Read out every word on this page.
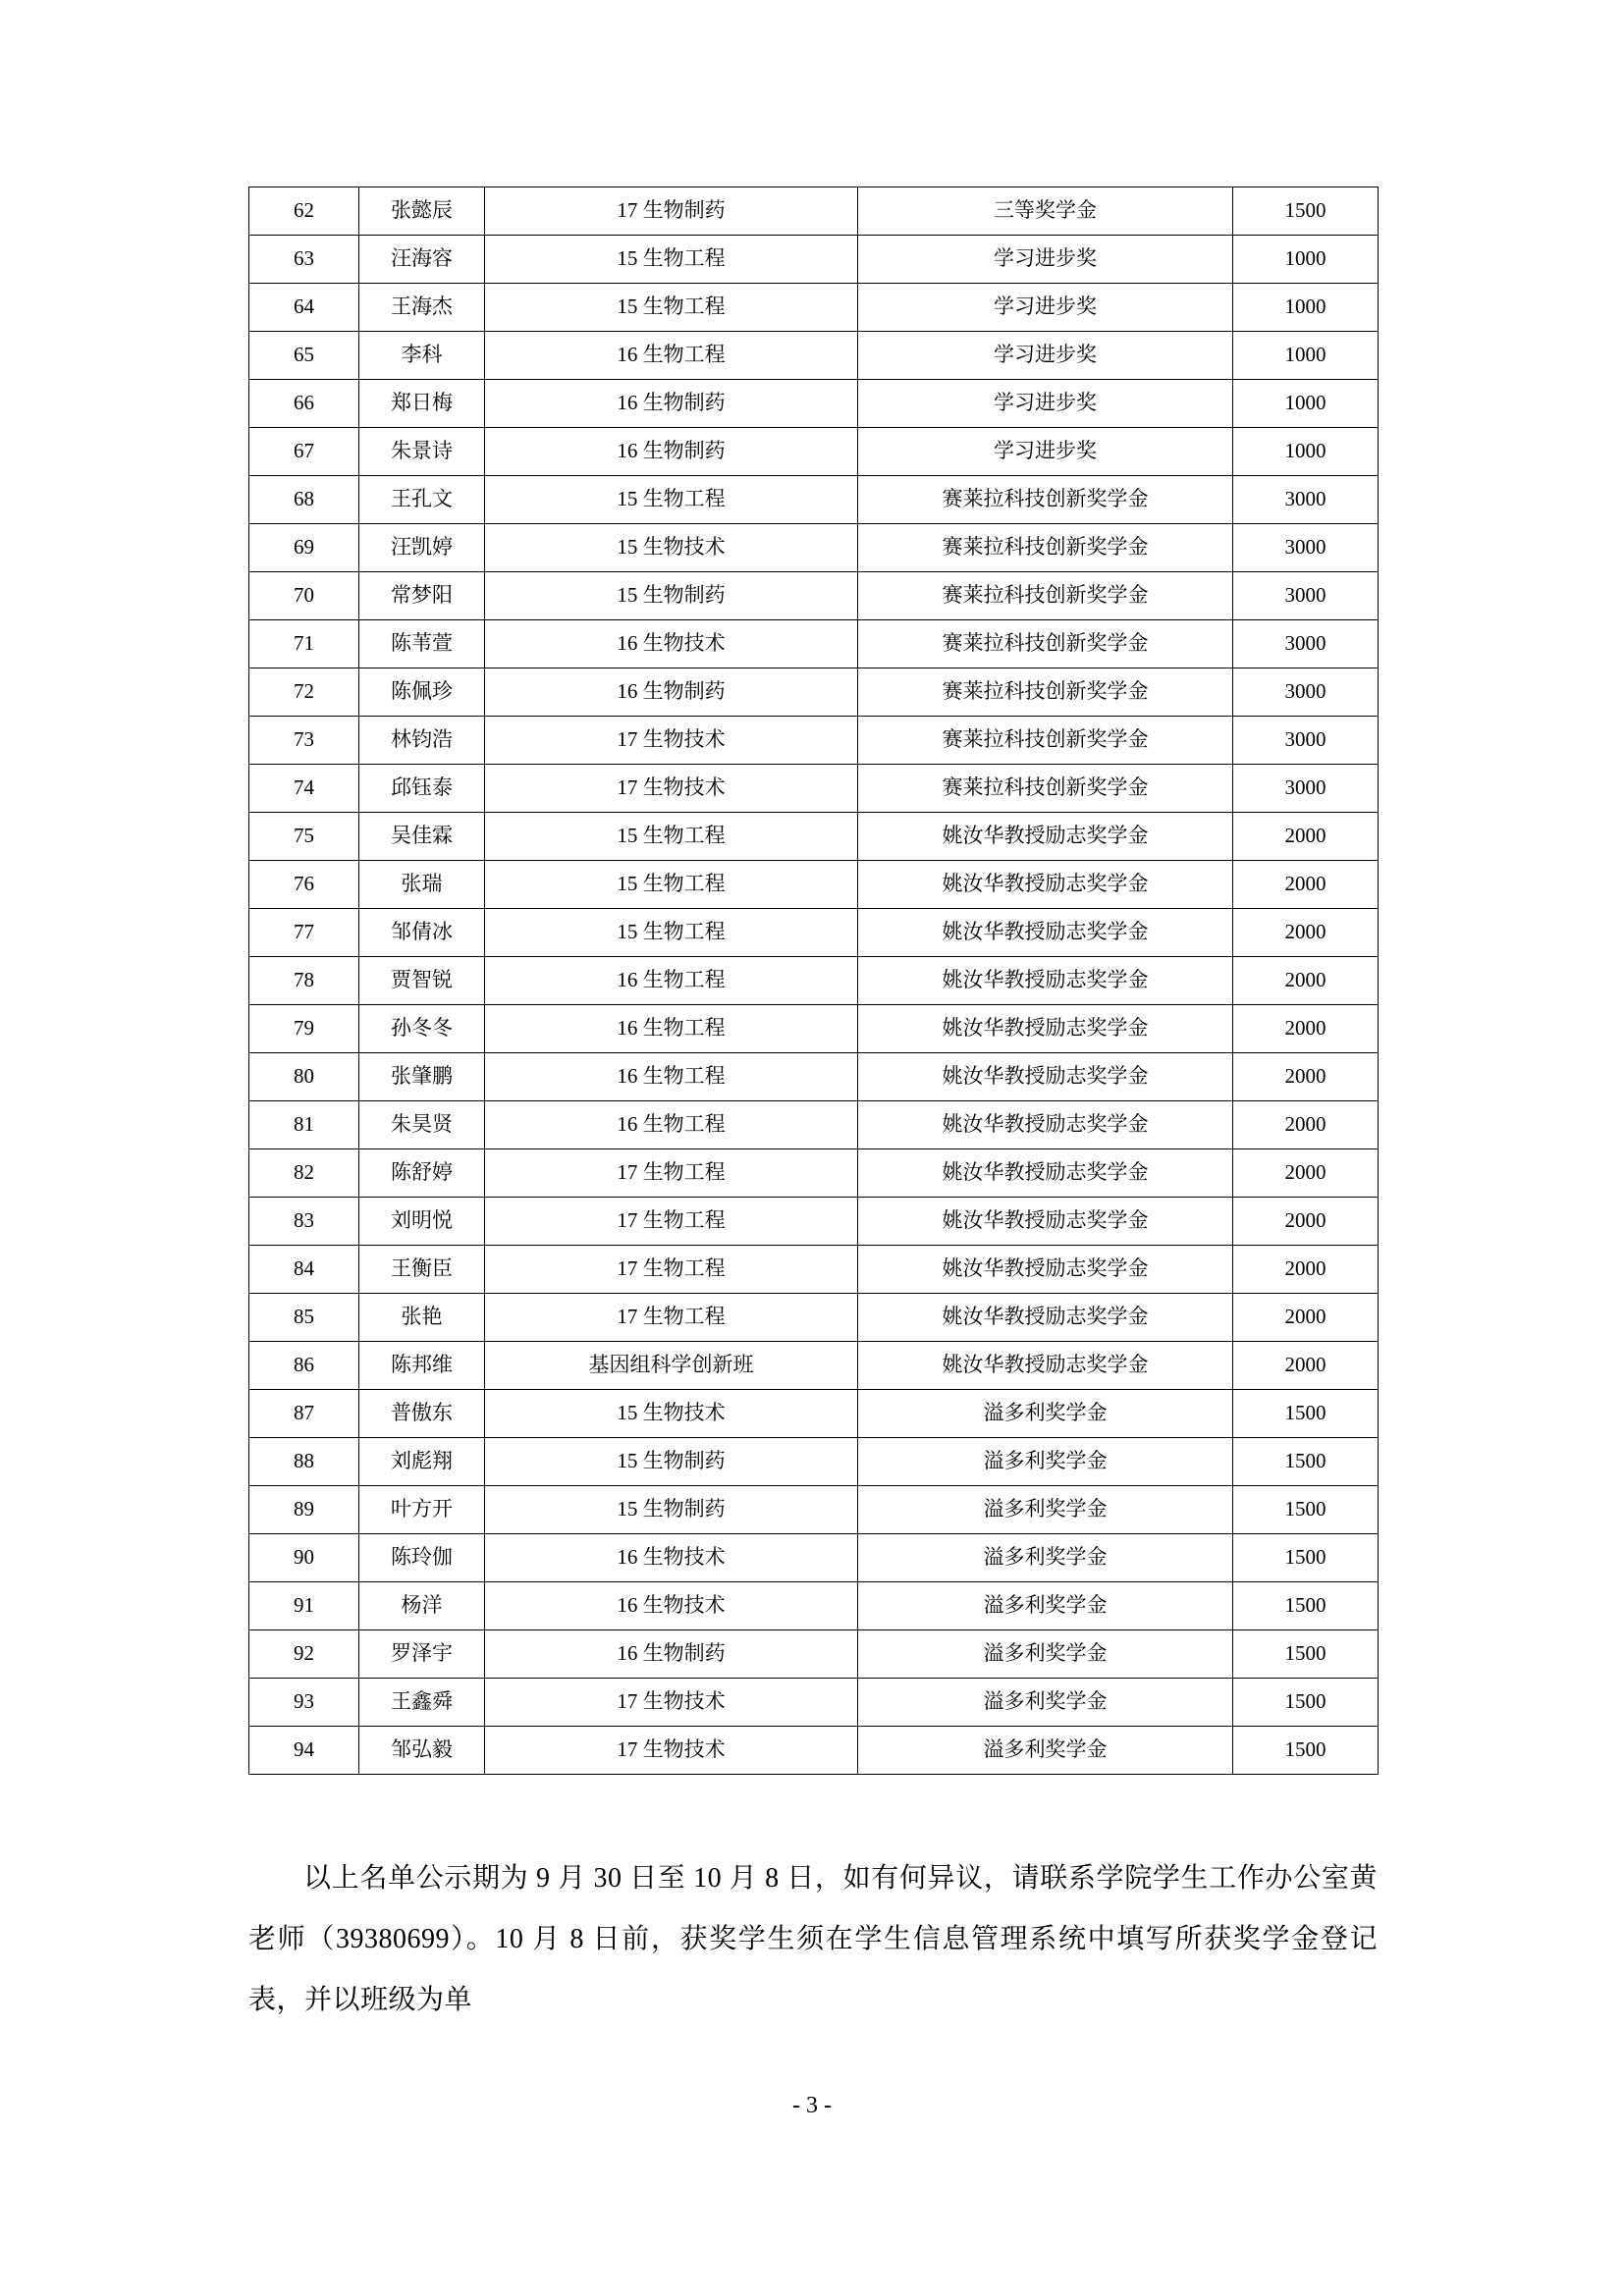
62	张懿辰	17 生物制药	三等奖学金	1500
63	汪海容	15 生物工程	学习进步奖	1000
64	王海杰	15 生物工程	学习进步奖	1000
65	李科	16 生物工程	学习进步奖	1000
66	郑日梅	16 生物制药	学习进步奖	1000
67	朱景诗	16 生物制药	学习进步奖	1000
68	王孔文	15 生物工程	赛莱拉科技创新奖学金	3000
69	汪凯婷	15 生物技术	赛莱拉科技创新奖学金	3000
70	常梦阳	15 生物制药	赛莱拉科技创新奖学金	3000
71	陈苇萱	16 生物技术	赛莱拉科技创新奖学金	3000
72	陈佩珍	16 生物制药	赛莱拉科技创新奖学金	3000
73	林钧浩	17 生物技术	赛莱拉科技创新奖学金	3000
74	邱钰泰	17 生物技术	赛莱拉科技创新奖学金	3000
75	吴佳霖	15 生物工程	姚汝华教授励志奖学金	2000
76	张瑞	15 生物工程	姚汝华教授励志奖学金	2000
77	邹倩冰	15 生物工程	姚汝华教授励志奖学金	2000
78	贾智锐	16 生物工程	姚汝华教授励志奖学金	2000
79	孙冬冬	16 生物工程	姚汝华教授励志奖学金	2000
80	张肇鹏	16 生物工程	姚汝华教授励志奖学金	2000
81	朱昊贤	16 生物工程	姚汝华教授励志奖学金	2000
82	陈舒婷	17 生物工程	姚汝华教授励志奖学金	2000
83	刘明悦	17 生物工程	姚汝华教授励志奖学金	2000
84	王衡臣	17 生物工程	姚汝华教授励志奖学金	2000
85	张艳	17 生物工程	姚汝华教授励志奖学金	2000
86	陈邦维	基因组科学创新班	姚汝华教授励志奖学金	2000
87	普傲东	15 生物技术	溢多利奖学金	1500
88	刘彪翔	15 生物制药	溢多利奖学金	1500
89	叶方开	15 生物制药	溢多利奖学金	1500
90	陈玲伽	16 生物技术	溢多利奖学金	1500
91	杨洋	16 生物技术	溢多利奖学金	1500
92	罗泽宇	16 生物制药	溢多利奖学金	1500
93	王鑫舜	17 生物技术	溢多利奖学金	1500
94	邹弘毅	17 生物技术	溢多利奖学金	1500

以上名单公示期为 9 月 30 日至 10 月 8 日，如有何异议，请联系学院学生工作办公室黄老师（39380699）。10 月 8 日前，获奖学生须在学生信息管理系统中填写所获奖学金登记表，并以班级为单

- 3 -
